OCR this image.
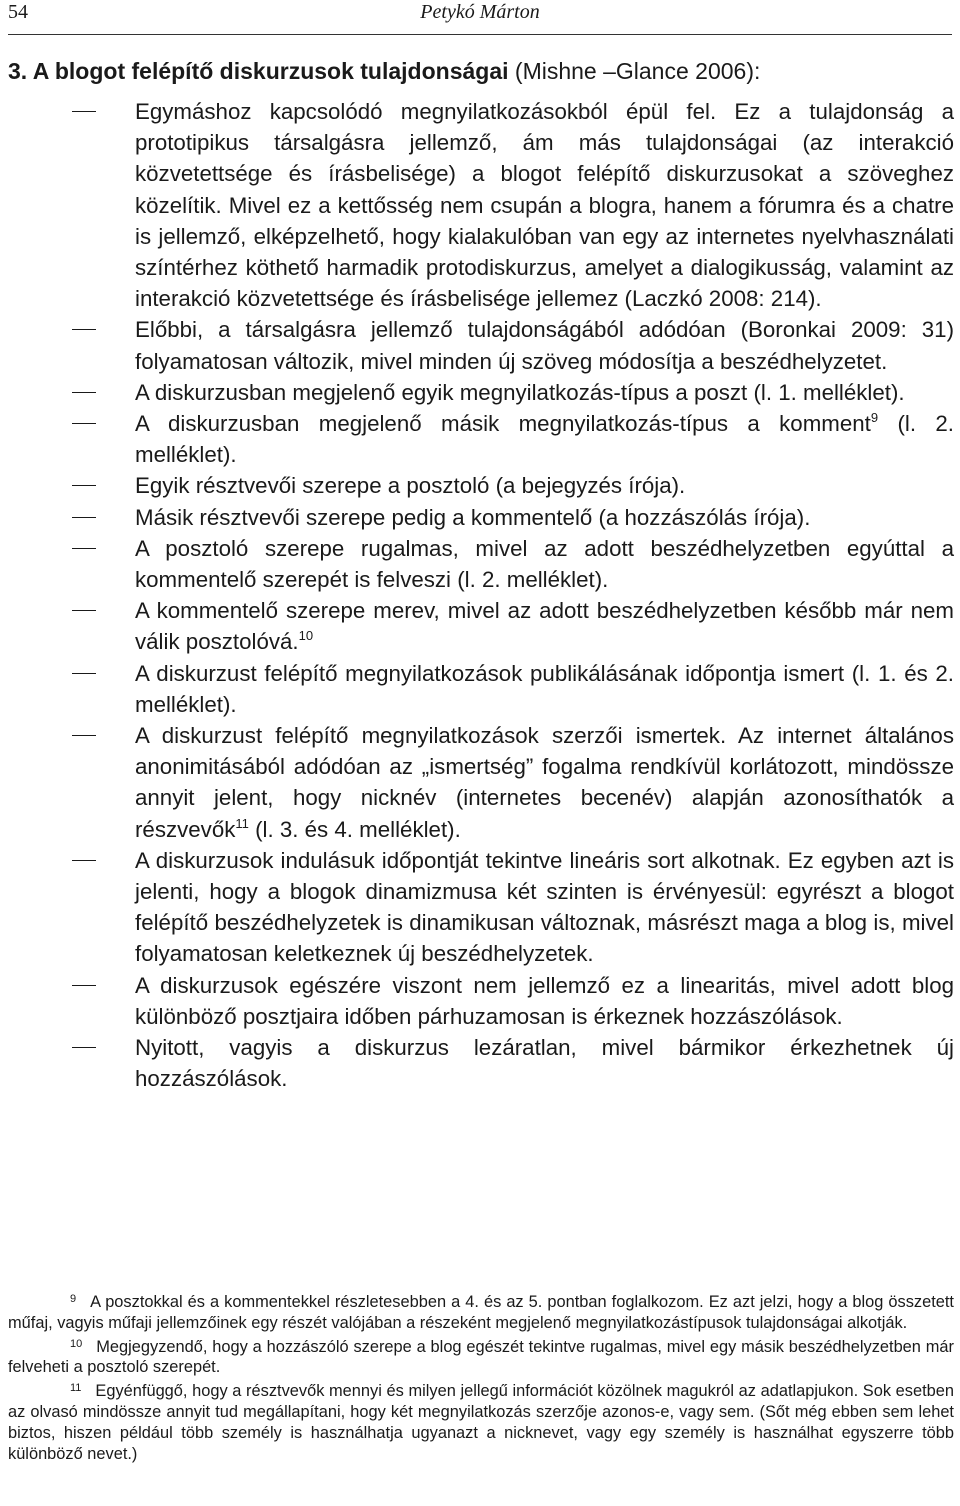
54	Petykó Márton
3. A blogot felépítő diskurzusok tulajdonságai (Mishne –Glance 2006):

Egymáshoz kapcsolódó megnyilatkozásokból épül fel. Ez a tulajdonság a prototipikus társalgásra jellemző, ám más tulajdonságai (az interakció közvetettsége és írásbelisége) a blogot felépítő diskurzusokat a szöveghez közelítik. Mivel ez a kettősség nem csupán a blogra, hanem a fórumra és a chatre is jellemző, elképzelhető, hogy kialakulóban van egy az internetes nyelvhasználati színtérhez köthető harmadik protodiskurzus, amelyet a dialogikusság, valamint az interakció közvetettsége és írásbelisége jellemez (Laczkó 2008: 214).

Előbbi, a társalgásra jellemző tulajdonságából adódóan (Boronkai 2009: 31) folyamatosan változik, mivel minden új szöveg módosítja a beszédhelyzetet.

A diskurzusban megjelenő egyik megnyilatkozás-típus a poszt (l. 1. melléklet).

A diskurzusban megjelenő másik megnyilatkozás-típus a komment$^9$ (l. 2. melléklet).

Egyik résztvevői szerepe a posztoló (a bejegyzés írója).

Másik résztvevői szerepe pedig a kommentelő (a hozzászólás írója).

A posztoló szerepe rugalmas, mivel az adott beszédhelyzetben egyúttal a kommentelő szerepét is felveszi (l. 2. melléklet).

A kommentelő szerepe merev, mivel az adott beszédhelyzetben később már nem válik posztolóvá.$^{10}$

A diskurzust felépítő megnyilatkozások publikálásának időpontja ismert (l. 1. és 2. melléklet).

A diskurzust felépítő megnyilatkozások szerzői ismertek. Az internet általános anonimitásából adódóan az „ismertség” fogalma rendkívül korlátozott, mindössze annyit jelent, hogy nicknév (internetes becenév) alapján azonosíthatók a részvevők$^{11}$ (l. 3. és 4. melléklet).

A diskurzusok indulásuk időpontját tekintve lineáris sort alkotnak. Ez egyben azt is jelenti, hogy a blogok dinamizmusa két szinten is érvényesül: egyrészt a blogot felépítő beszédhelyzetek is dinamikusan változnak, másrészt maga a blog is, mivel folyamatosan keletkeznek új beszédhelyzetek.

A diskurzusok egészére viszont nem jellemző ez a linearitás, mivel adott blog különböző posztjaira időben párhuzamosan is érkeznek hozzászólások.

Nyitott, vagyis a diskurzus lezáratlan, mivel bármikor érkezhetnek új hozzászólások.

$^9$ A posztokkal és a kommentekkel részletesebben a 4. és az 5. pontban foglalkozom. Ez azt jelzi, hogy a blog összetett műfaj, vagyis műfaji jellemzőinek egy részét valójában a részeként megjelenő megnyilatkozástípusok tulajdonságai alkotják.

$^{10}$ Megjegyzendő, hogy a hozzászóló szerepe a blog egészét tekintve rugalmas, mivel egy másik beszédhelyzetben már felveheti a posztoló szerepét.

$^{11}$ Egyénfüggő, hogy a résztvevők mennyi és milyen jellegű információt közölnek magukról az adatlapjukon. Sok esetben az olvasó mindössze annyit tud megállapítani, hogy két megnyilatkozás szerzője azonos-e, vagy sem. (Sőt még ebben sem lehet biztos, hiszen például több személy is használhatja ugyanazt a nicknevet, vagy egy személy is használhat egyszerre több különböző nevet.)
